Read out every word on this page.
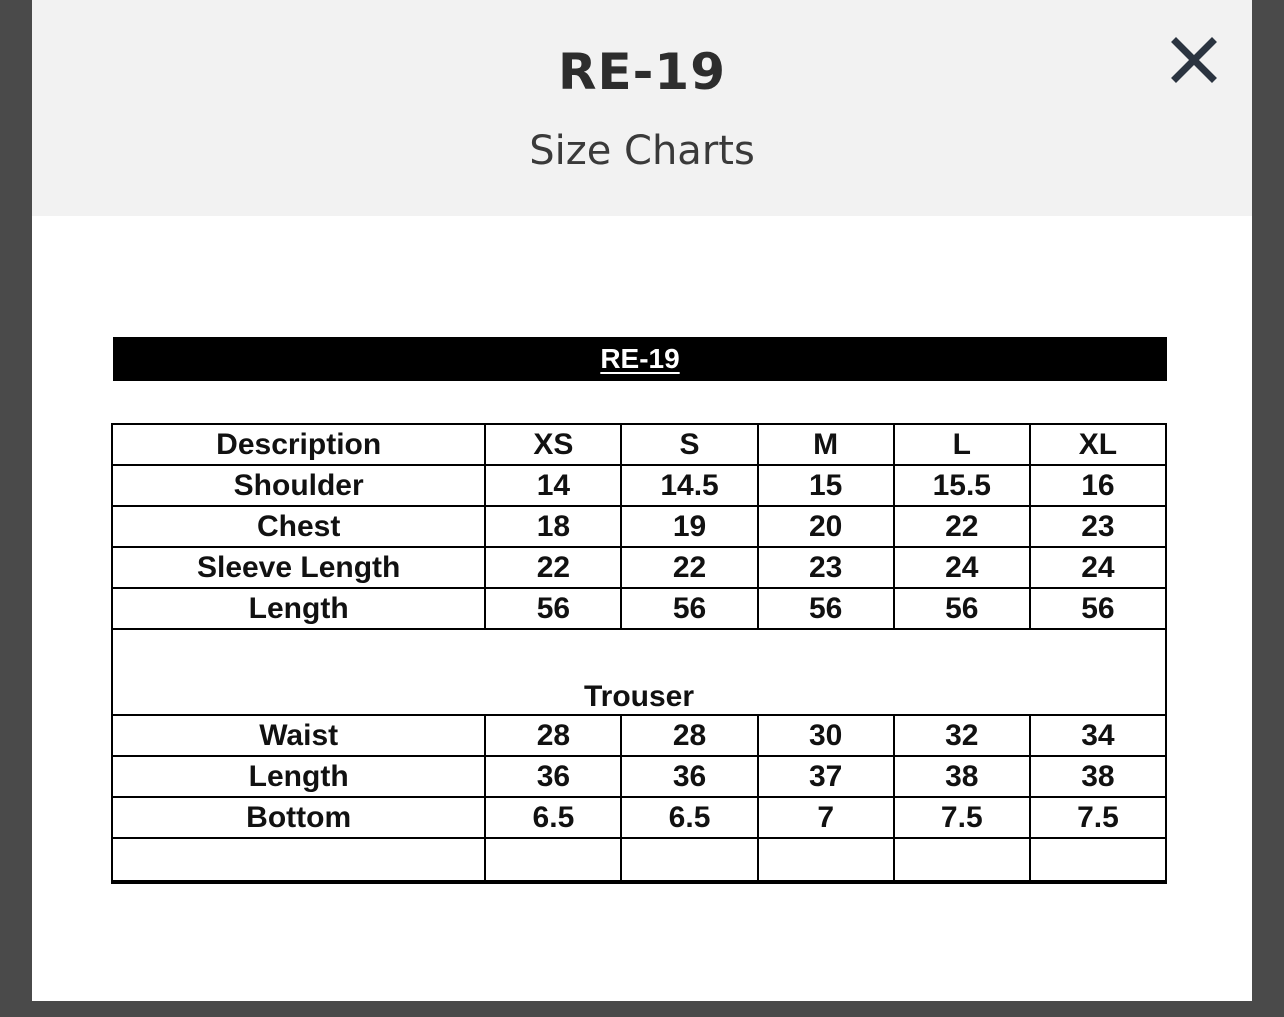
RE-19
Size Charts
RE-19
Description	XS	S	M	L	XL
Shoulder	14	14.5	15	15.5	16
Chest	18	19	20	22	23
Sleeve Length	22	22	23	24	24
Length	56	56	56	56	56
Trouser					
Waist	28	28	30	32	34
Length	36	36	37	38	38
Bottom	6.5	6.5	7	7.5	7.5
